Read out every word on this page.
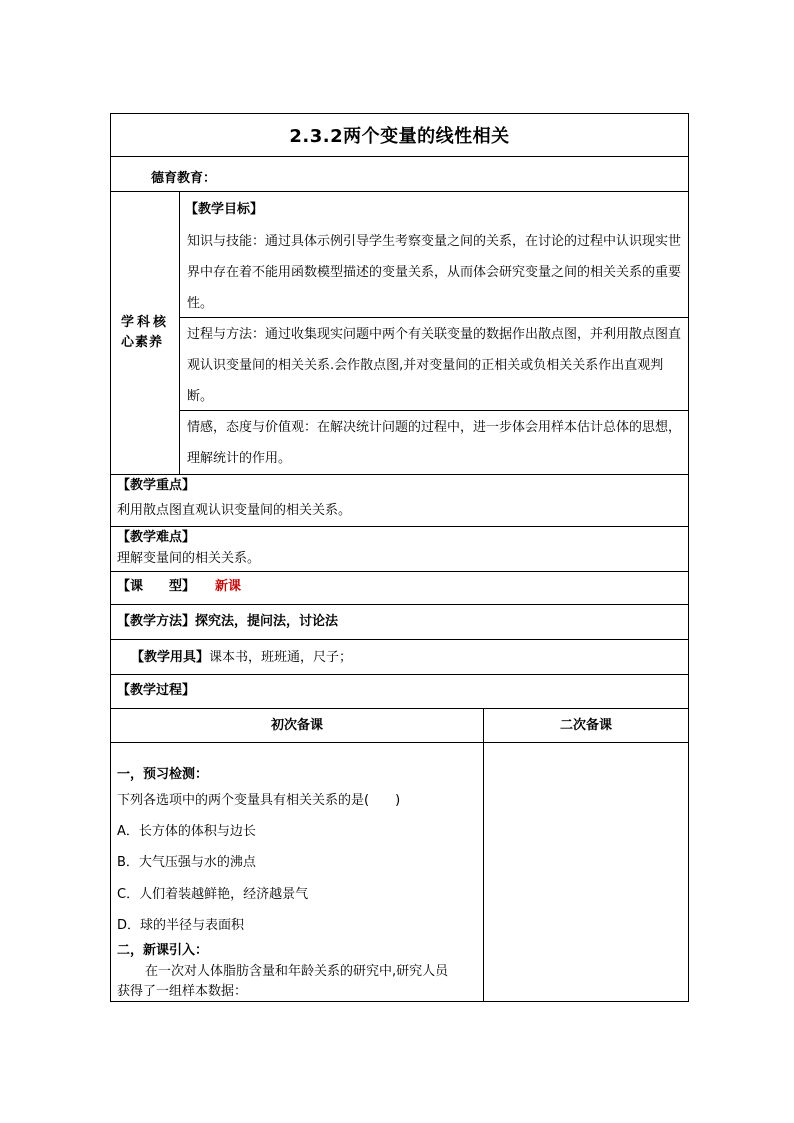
2.3.2两个变量的线性相关
德育教育：
学科核
心素养
【教学目标】
知识与技能：通过具体示例引导学生考察变量之间的关系，在讨论的过程中认识现实世界中存在着不能用函数模型描述的变量关系，从而体会研究变量之间的相关关系的重要性。
过程与方法：通过收集现实问题中两个有关联变量的数据作出散点图，并利用散点图直观认识变量间的相关关系.会作散点图,并对变量间的正相关或负相关关系作出直观判断。
情感，态度与价值观：在解决统计问题的过程中，进一步体会用样本估计总体的思想，理解统计的作用。
【教学重点】
利用散点图直观认识变量间的相关关系。
【教学难点】
理解变量间的相关关系。
【课　　型】 新课
【教学方法】探究法，提问法，讨论法
【教学用具】课本书，班班通，尺子；
【教学过程】
初次备课	二次备课
一，预习检测：
下列各选项中的两个变量具有相关关系的是(　　)
A．长方体的体积与边长
B．大气压强与水的沸点
C．人们着装越鲜艳，经济越景气
D．球的半径与表面积
二，新课引入：
在一次对人体脂肪含量和年龄关系的研究中,研究人员
获得了一组样本数据：
